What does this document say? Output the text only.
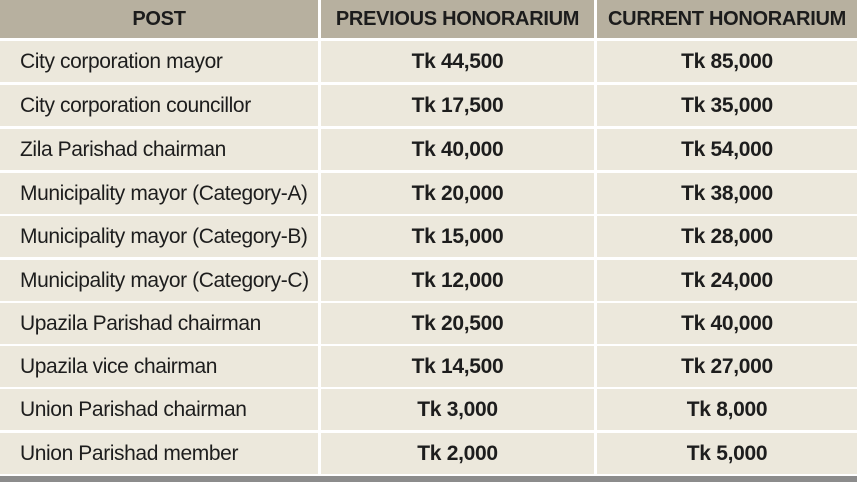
POST	PREVIOUS HONORARIUM	CURRENT HONORARIUM
City corporation mayor	Tk 44,500	Tk 85,000
City corporation councillor	Tk 17,500	Tk 35,000
Zila Parishad chairman	Tk 40,000	Tk 54,000
Municipality mayor (Category-A)	Tk 20,000	Tk 38,000
Municipality mayor (Category-B)	Tk 15,000	Tk 28,000
Municipality mayor (Category-C)	Tk 12,000	Tk 24,000
Upazila Parishad chairman	Tk 20,500	Tk 40,000
Upazila vice chairman	Tk 14,500	Tk 27,000
Union Parishad chairman	Tk 3,000	Tk 8,000
Union Parishad member	Tk 2,000	Tk 5,000
